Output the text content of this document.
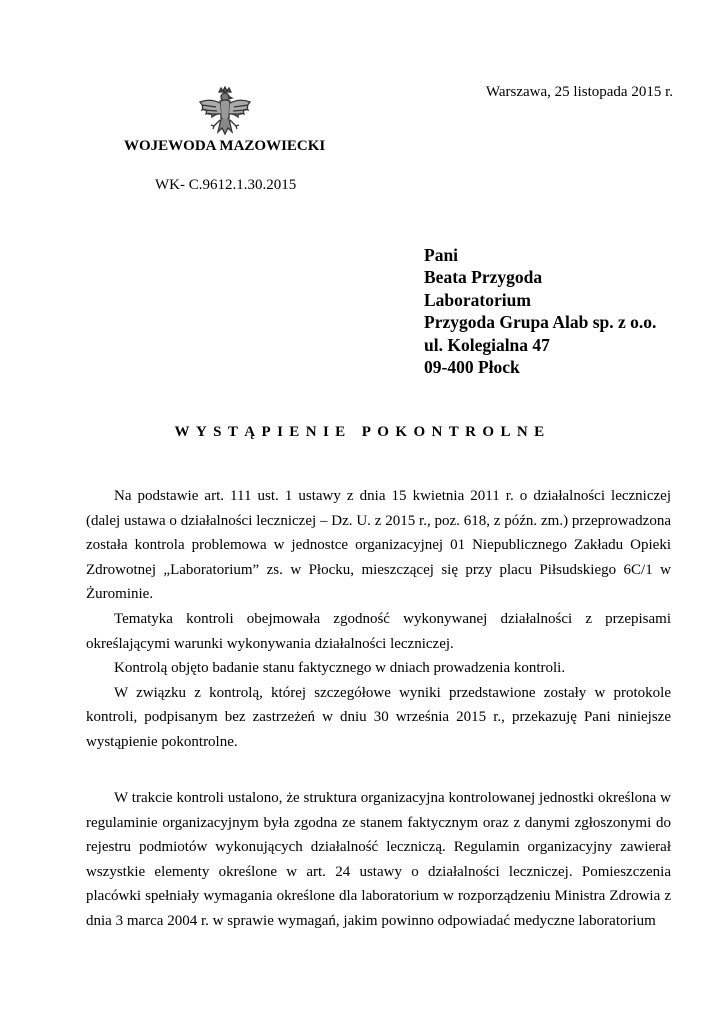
Warszawa, 25 listopada 2015 r.
WOJEWODA MAZOWIECKI
WK- C.9612.1.30.2015
Pani
Beata Przygoda
Laboratorium
Przygoda Grupa Alab sp. z o.o.
ul. Kolegialna 47
09-400 Płock
WYSTĄPIENIE POKONTROLNE

Na podstawie art. 111 ust. 1 ustawy z dnia 15 kwietnia 2011 r. o działalności leczniczej (dalej ustawa o działalności leczniczej – Dz. U. z 2015 r., poz. 618, z późn. zm.) przeprowadzona została kontrola problemowa w jednostce organizacyjnej 01 Niepublicznego Zakładu Opieki Zdrowotnej „Laboratorium” zs. w Płocku, mieszczącej się przy placu Piłsudskiego 6C/1 w Żurominie.

Tematyka kontroli obejmowała zgodność wykonywanej działalności z przepisami określającymi warunki wykonywania działalności leczniczej.

Kontrolą objęto badanie stanu faktycznego w dniach prowadzenia kontroli.

W związku z kontrolą, której szczegółowe wyniki przedstawione zostały w protokole kontroli, podpisanym bez zastrzeżeń w dniu 30 września 2015 r., przekazuję Pani niniejsze wystąpienie pokontrolne.

W trakcie kontroli ustalono, że struktura organizacyjna kontrolowanej jednostki określona w regulaminie organizacyjnym była zgodna ze stanem faktycznym oraz z danymi zgłoszonymi do rejestru podmiotów wykonujących działalność leczniczą. Regulamin organizacyjny zawierał wszystkie elementy określone w art. 24 ustawy o działalności leczniczej. Pomieszczenia placówki spełniały wymagania określone dla laboratorium w rozporządzeniu Ministra Zdrowia z dnia 3 marca 2004 r. w sprawie wymagań, jakim powinno odpowiadać medyczne laboratorium
